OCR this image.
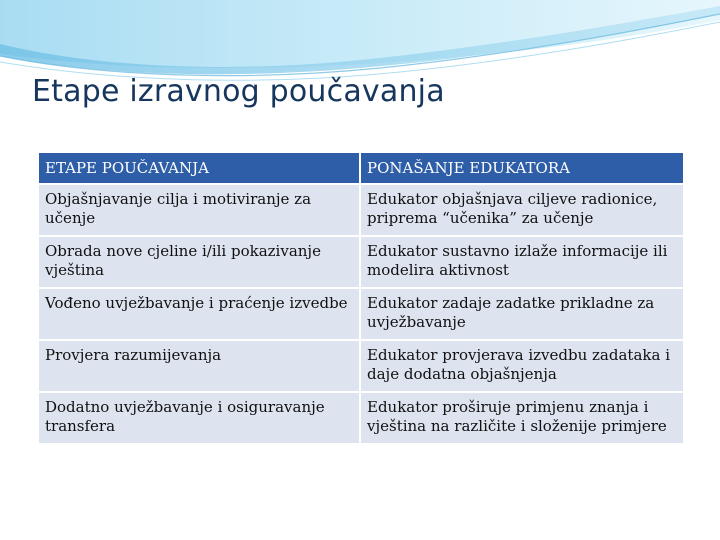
Etape izravnog poučavanja
ETAPE POUČAVANJA	PONAŠANJE EDUKATORA
Objašnjavanje cilja i motiviranje za učenje	Edukator objašnjava ciljeve radionice, priprema “učenika” za učenje
Obrada nove cjeline i/ili pokazivanje vještina	Edukator sustavno izlaže informacije ili modelira aktivnost
Vođeno uvježbavanje i praćenje izvedbe	Edukator zadaje zadatke prikladne za uvježbavanje
Provjera razumijevanja	Edukator provjerava izvedbu zadataka i daje dodatna objašnjenja
Dodatno uvježbavanje i osiguravanje transfera	Edukator proširuje primjenu znanja i vještina na različite i složenije primjere
